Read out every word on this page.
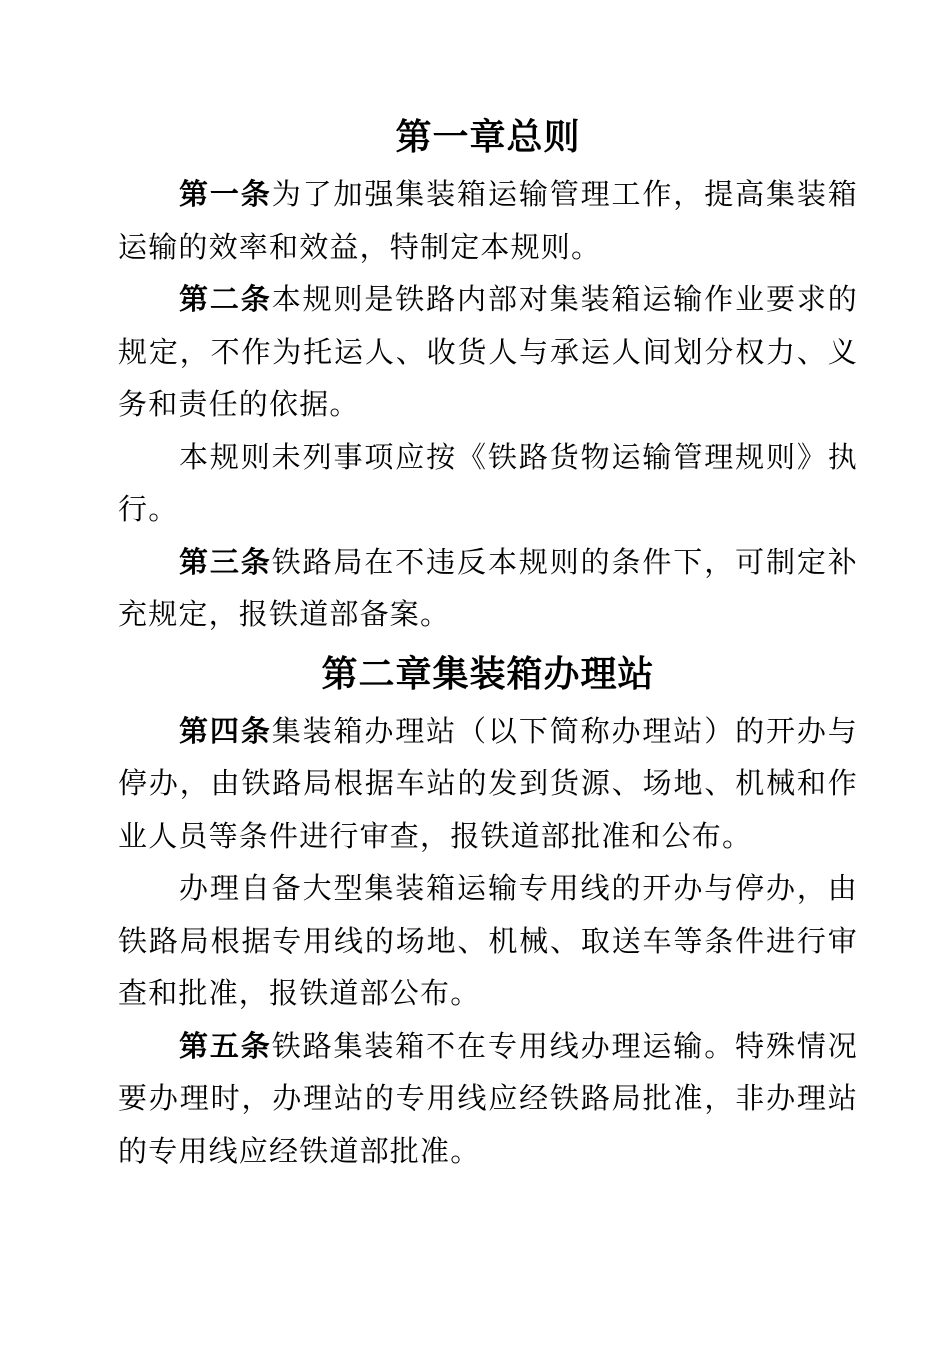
第一章总则

第一条为了加强集装箱运输管理工作，提高集装箱运输的效率和效益，特制定本规则。

第二条本规则是铁路内部对集装箱运输作业要求的规定，不作为托运人、收货人与承运人间划分权力、义务和责任的依据。

本规则未列事项应按《铁路货物运输管理规则》执行。

第三条铁路局在不违反本规则的条件下，可制定补充规定，报铁道部备案。

第二章集装箱办理站

第四条集装箱办理站（以下简称办理站）的开办与停办，由铁路局根据车站的发到货源、场地、机械和作业人员等条件进行审查，报铁道部批准和公布。

办理自备大型集装箱运输专用线的开办与停办，由铁路局根据专用线的场地、机械、取送车等条件进行审查和批准，报铁道部公布。

第五条铁路集装箱不在专用线办理运输。特殊情况要办理时，办理站的专用线应经铁路局批准，非办理站的专用线应经铁道部批准。
